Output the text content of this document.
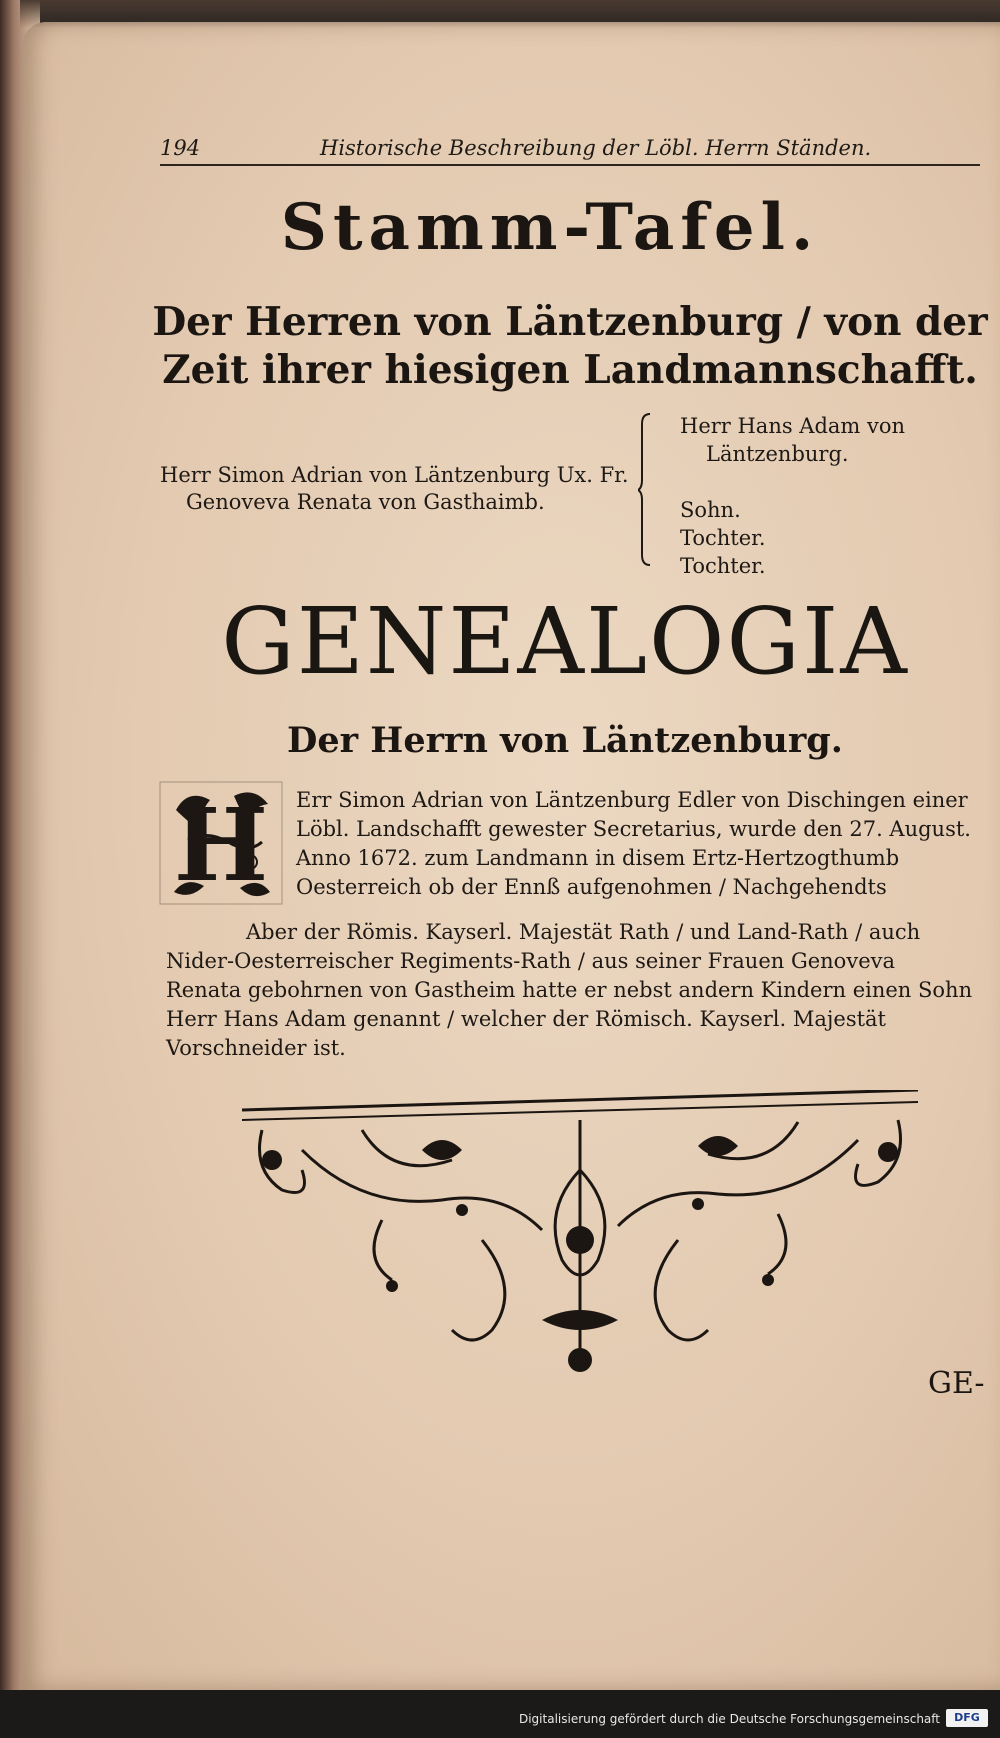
194	Historische Beschreibung der Löbl. Herrn Ständen.
Stamm-Tafel.
Der Herren von Läntzenburg / von der Zeit ihrer hiesigen Landmannschafft.
Herr Simon Adrian von Läntzenburg Ux. Fr.
Genoveva Renata von Gasthaimb.
Herr Hans Adam von
Läntzenburg.
Sohn.
Tochter.
Tochter.
GENEALOGIA
Der Herrn von Läntzenburg.
H Err Simon Adrian von Läntzenburg Edler von Dischingen einer Löbl. Landschafft gewester Secretarius, wurde den 27. August. Anno 1672. zum Landmann in disem Ertz-Hertzogthumb Oesterreich ob der Ennß aufgenohmen / Nachgehendts
Aber der Römis. Kayserl. Majestät Rath / und Land-Rath / auch Nider-Oesterreischer Regiments-Rath / aus seiner Frauen Genoveva Renata gebohrnen von Gastheim hatte er nebst andern Kindern einen Sohn Herr Hans Adam genannt / welcher der Römisch. Kayserl. Majestät Vorschneider ist.
GE-
Digitalisierung gefördert durch die Deutsche Forschungsgemeinschaft	DFG
